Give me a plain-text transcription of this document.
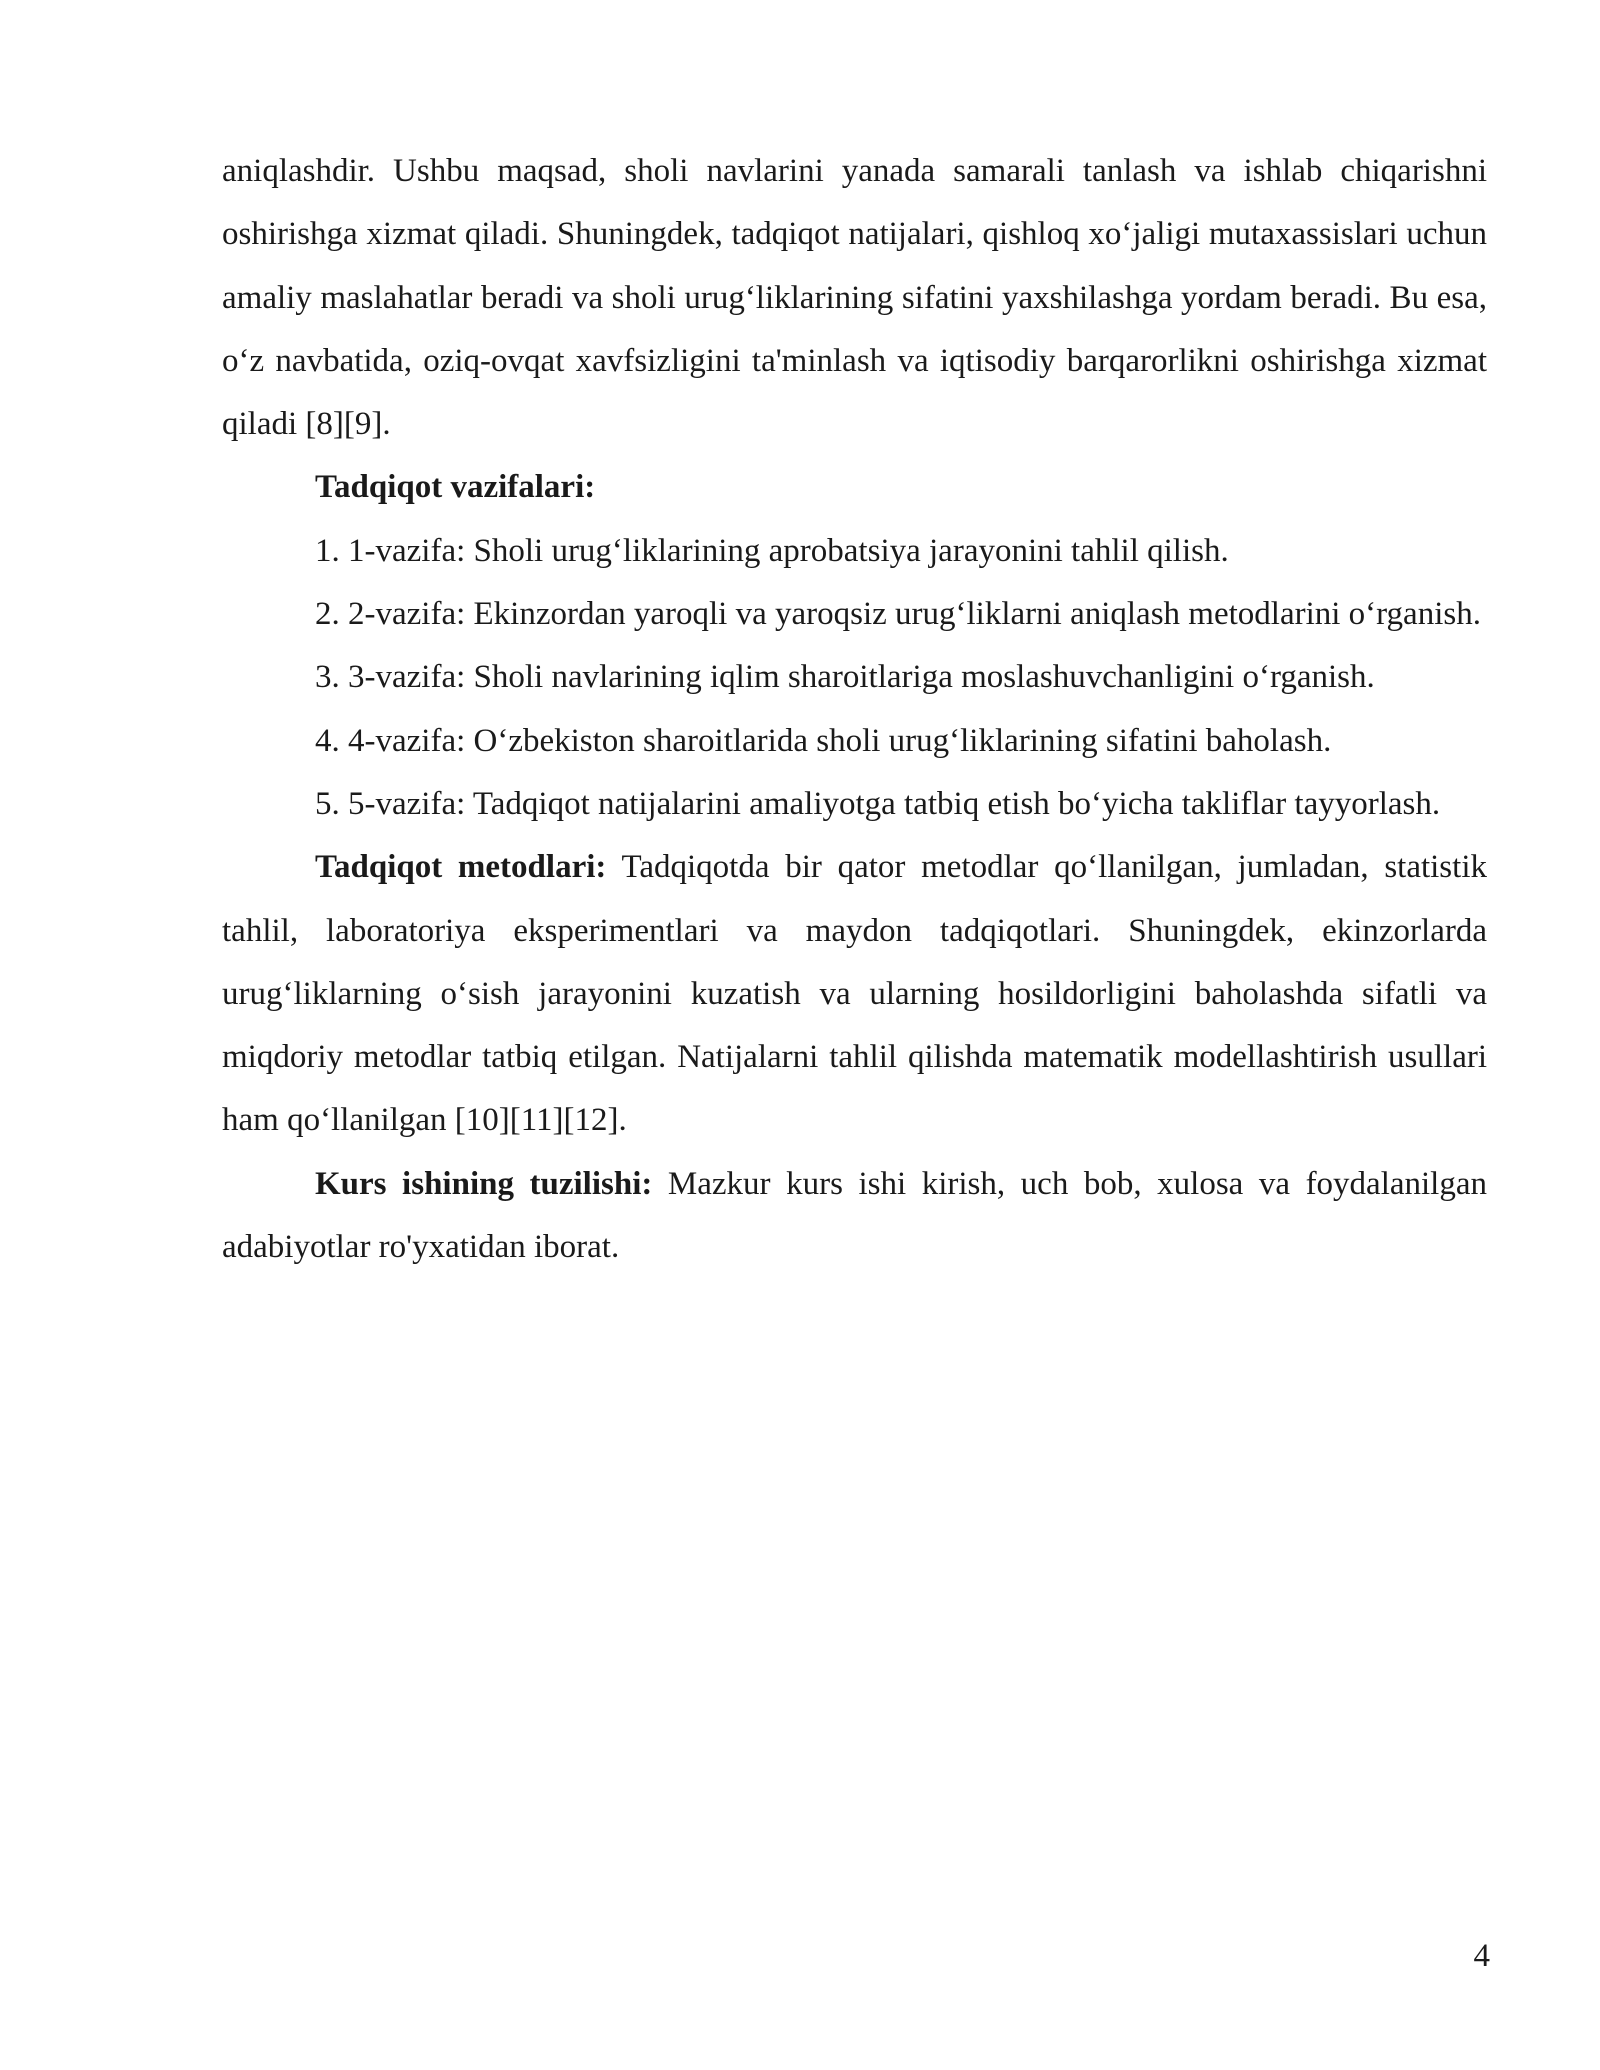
aniqlashdir. Ushbu maqsad, sholi navlarini yanada samarali tanlash va ishlab chiqarishni oshirishga xizmat qiladi. Shuningdek, tadqiqot natijalari, qishloq xo‘jaligi mutaxassislari uchun amaliy maslahatlar beradi va sholi urug‘liklarining sifatini yaxshilashga yordam beradi. Bu esa, o‘z navbatida, oziq-ovqat xavfsizligini ta'minlash va iqtisodiy barqarorlikni oshirishga xizmat qiladi [8][9].

Tadqiqot vazifalari:

1. 1-vazifa: Sholi urug‘liklarining aprobatsiya jarayonini tahlil qilish.

2. 2-vazifa: Ekinzordan yaroqli va yaroqsiz urug‘liklarni aniqlash metodlarini o‘rganish.

3. 3-vazifa: Sholi navlarining iqlim sharoitlariga moslashuvchanligini o‘rganish.

4. 4-vazifa: O‘zbekiston sharoitlarida sholi urug‘liklarining sifatini baholash.

5. 5-vazifa: Tadqiqot natijalarini amaliyotga tatbiq etish bo‘yicha takliflar tayyorlash.

Tadqiqot metodlari: Tadqiqotda bir qator metodlar qo‘llanilgan, jumladan, statistik tahlil, laboratoriya eksperimentlari va maydon tadqiqotlari. Shuningdek, ekinzorlarda urug‘liklarning o‘sish jarayonini kuzatish va ularning hosildorligini baholashda sifatli va miqdoriy metodlar tatbiq etilgan. Natijalarni tahlil qilishda matematik modellashtirish usullari ham qo‘llanilgan [10][11][12].

Kurs ishining tuzilishi: Mazkur kurs ishi kirish, uch bob, xulosa va foydalanilgan adabiyotlar ro'yxatidan iborat.

4
